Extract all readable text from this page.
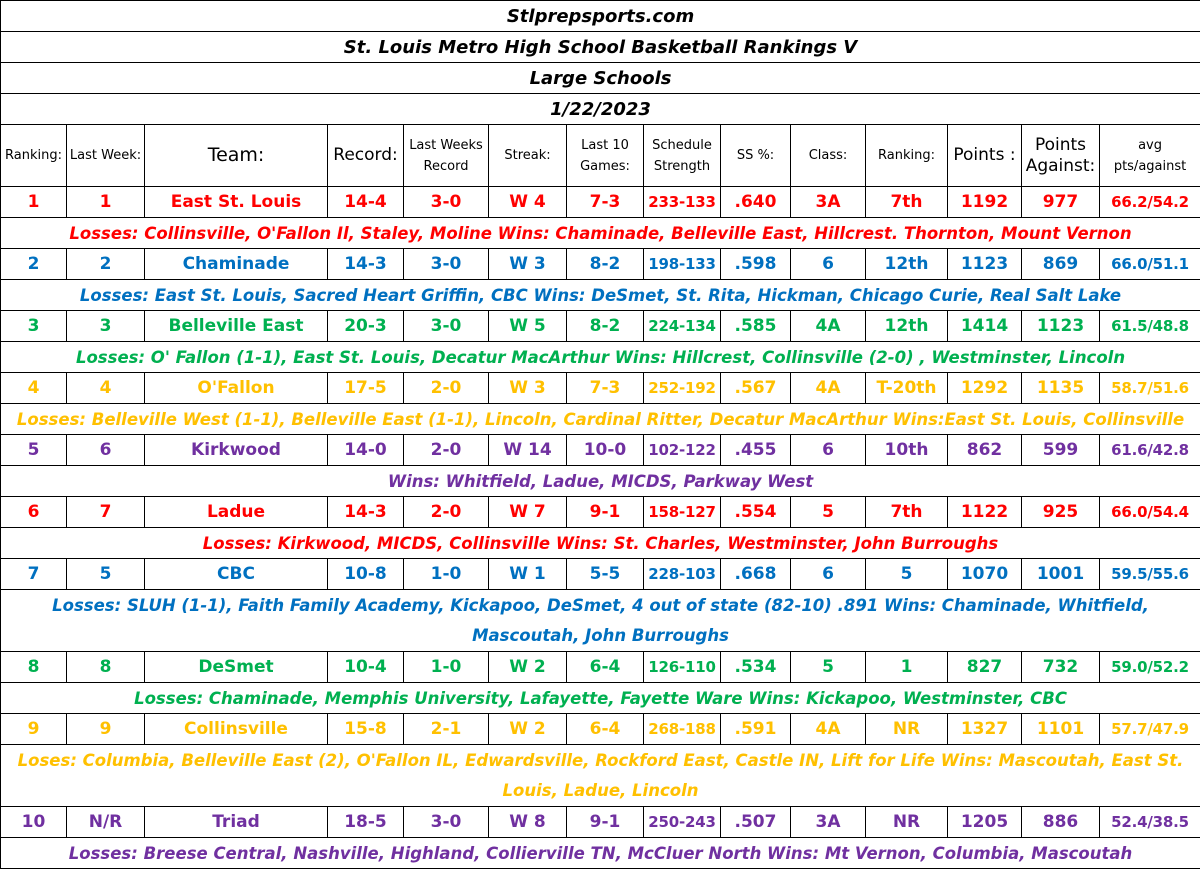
Stlprepsports.com													
St. Louis Metro High School Basketball Rankings V													
Large Schools													
1/22/2023													
Ranking:	Last Week:	Team:	Record:	Last Weeks Record	Streak:	Last 10 Games:	Schedule Strength	SS %:	Class:	Ranking:	Points :	Points Against:	avg pts/against
1	1	East St. Louis	14-4	3-0	W 4	7-3	233-133	.640	3A	7th	1192	977	66.2/54.2
Losses: Collinsville, O'Fallon Il, Staley, Moline Wins: Chaminade, Belleville East, Hillcrest. Thornton, Mount Vernon													
2	2	Chaminade	14-3	3-0	W 3	8-2	198-133	.598	6	12th	1123	869	66.0/51.1
Losses: East St. Louis, Sacred Heart Griffin, CBC Wins: DeSmet, St. Rita, Hickman, Chicago Curie, Real Salt Lake													
3	3	Belleville East	20-3	3-0	W 5	8-2	224-134	.585	4A	12th	1414	1123	61.5/48.8
Losses: O' Fallon (1-1), East St. Louis, Decatur MacArthur Wins: Hillcrest, Collinsville (2-0) , Westminster, Lincoln													
4	4	O'Fallon	17-5	2-0	W 3	7-3	252-192	.567	4A	T-20th	1292	1135	58.7/51.6
Losses: Belleville West (1-1), Belleville East (1-1), Lincoln, Cardinal Ritter, Decatur MacArthur Wins:East St. Louis, Collinsville													
5	6	Kirkwood	14-0	2-0	W 14	10-0	102-122	.455	6	10th	862	599	61.6/42.8
Wins: Whitfield, Ladue, MICDS, Parkway West													
6	7	Ladue	14-3	2-0	W 7	9-1	158-127	.554	5	7th	1122	925	66.0/54.4
Losses: Kirkwood, MICDS, Collinsville Wins: St. Charles, Westminster, John Burroughs													
7	5	CBC	10-8	1-0	W 1	5-5	228-103	.668	6	5	1070	1001	59.5/55.6
Losses: SLUH (1-1), Faith Family Academy, Kickapoo, DeSmet, 4 out of state (82-10) .891 Wins: Chaminade, Whitfield, Mascoutah, John Burroughs													
8	8	DeSmet	10-4	1-0	W 2	6-4	126-110	.534	5	1	827	732	59.0/52.2
Losses: Chaminade, Memphis University, Lafayette, Fayette Ware Wins: Kickapoo, Westminster, CBC													
9	9	Collinsville	15-8	2-1	W 2	6-4	268-188	.591	4A	NR	1327	1101	57.7/47.9
Loses: Columbia, Belleville East (2), O'Fallon IL, Edwardsville, Rockford East, Castle IN, Lift for Life Wins: Mascoutah, East St. Louis, Ladue, Lincoln													
10	N/R	Triad	18-5	3-0	W 8	9-1	250-243	.507	3A	NR	1205	886	52.4/38.5
Losses: Breese Central, Nashville, Highland, Collierville TN, McCluer North Wins: Mt Vernon, Columbia, Mascoutah													
